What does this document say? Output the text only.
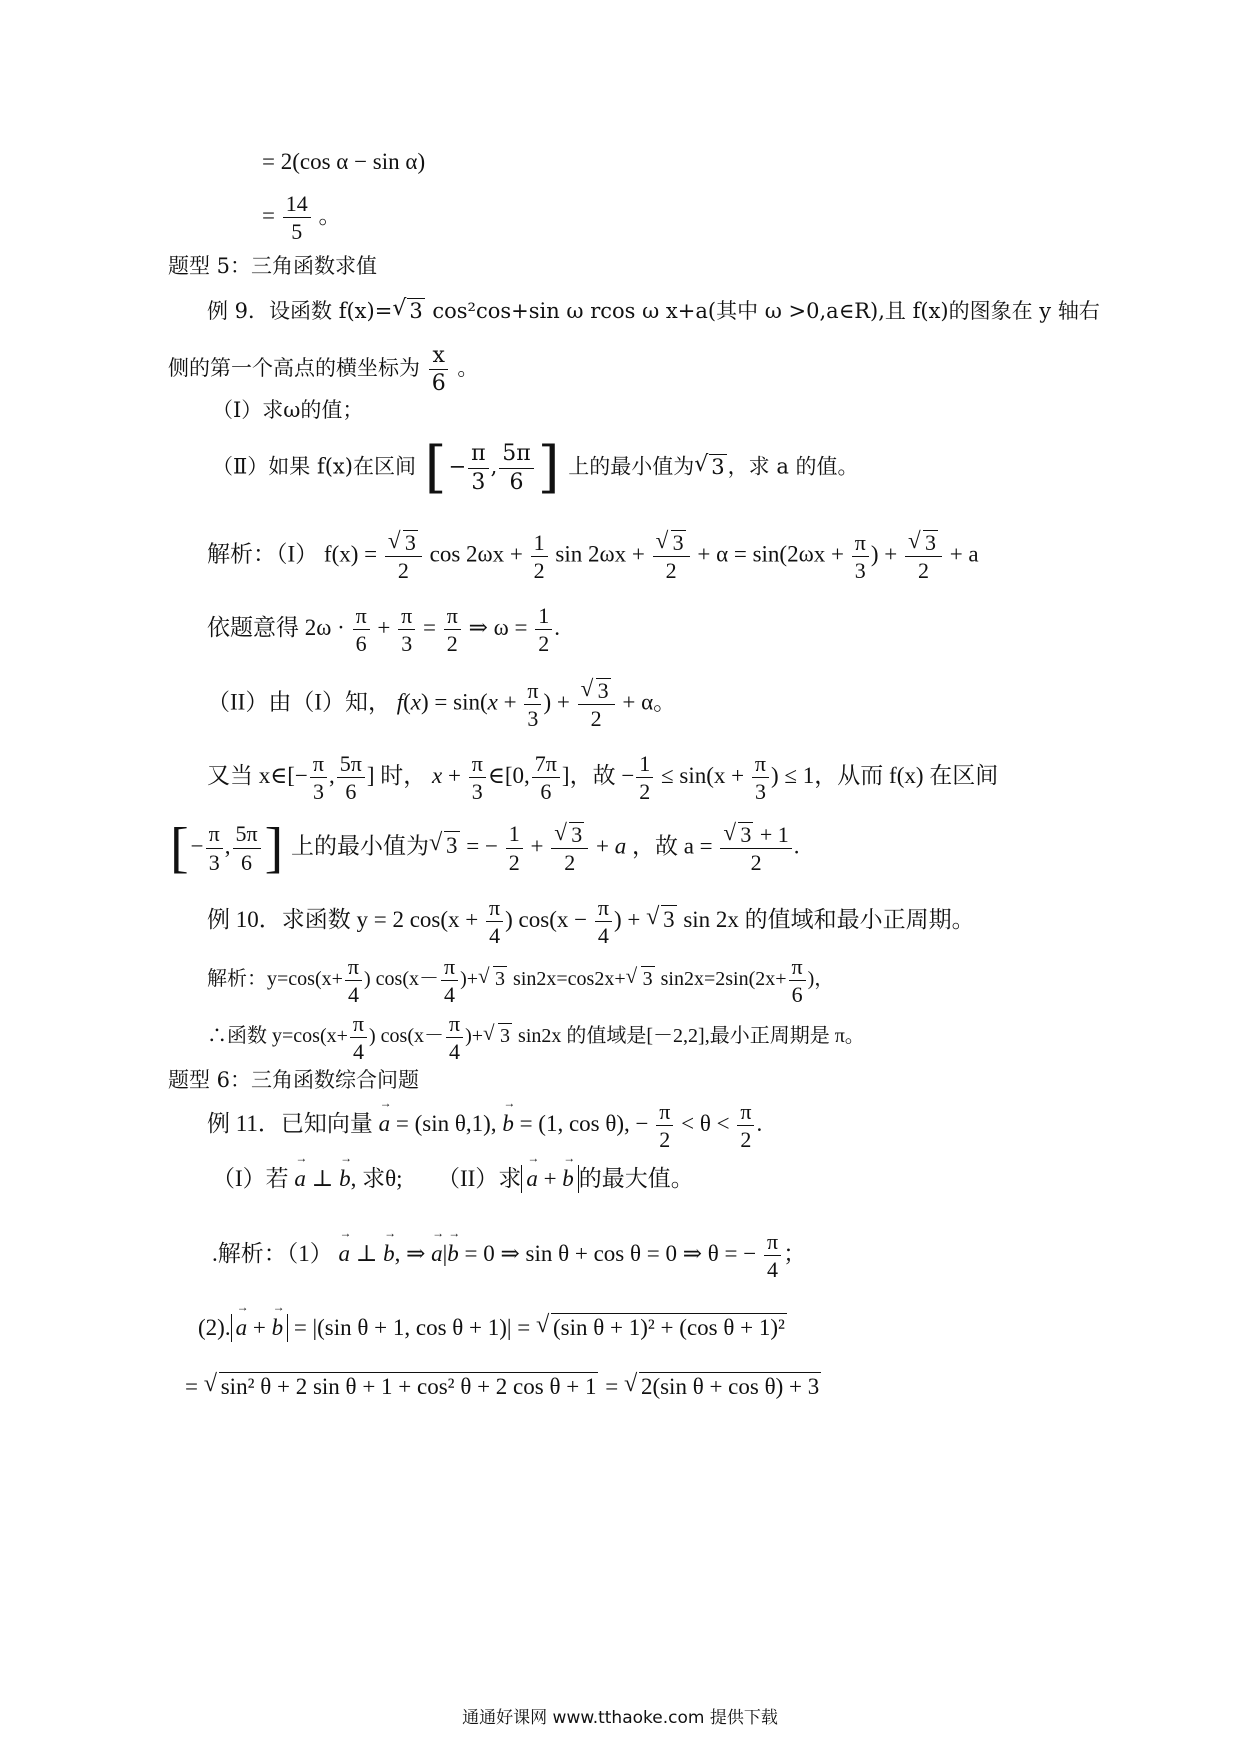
= 2(cos α − sin α)
= $\frac{14}{5}$ 。
题型 5：三角函数求值
例 9．设函数 f(x)= √ 3 cos²cos+sin ω rcos ω x+a(其中 ω >0,a∈R),且 f(x)的图象在 y 轴右
侧的第一个高点的横坐标为 $\frac{x}{6}$ 。
（Ⅰ）求ω的值；
（Ⅱ）如果 f(x)在区间 [− $\frac{\pi}{3}$ , $\frac{5\pi}{6}$ ] 上的最小值为 √ 3 ，求 a 的值。
解析：（I） f(x) = √ $\frac{3}{2}$ $\cos 2\omega x + \frac{1}{2}$ sin 2ωx + √ $\frac{3}{2} + \alpha = \sin(2\omega x + \frac{\pi}{3}$ ) + √ $\frac{3}{2} + a$
依题意得 $2\omega \cdot \frac{\pi}{6} + \frac{\pi}{3} = \frac{\pi}{2}$ ⇒ $\omega = \frac{1}{2}$ .
（II）由（I）知， $f(x) = \sin(x + \frac{\pi}{3}$ ) + √ $\frac{3}{2} + \alpha$。
又当 x∈[− $\frac{\pi}{3}$ , $\frac{5\pi}{6}$ ] 时， $x + \frac{\pi}{3}$ ∈[0, $\frac{7\pi}{6}$ ]，故 − $\frac{1}{2} \le \sin(x + \frac{\pi}{3}$ ) ≤ 1，从而 f(x) 在区间
[− $\frac{\pi}{3}$ , $\frac{5\pi}{6}$ ] 上的最小值为 √ 3 = − $\frac{1}{2}$ + √ $\frac{3}{2} + a$ ，故 a = √ $\frac{3 + 1}{2}$ .
例 10．求函数 y = 2 $\cos(x + \frac{\pi}{4}$ ) $\cos(x - \frac{\pi}{4}$ ) + √ 3 sin 2x 的值域和最小正周期。
解析：$y=\cos(x+ \frac{\pi}{4}$ ) $\cos(x- \frac{\pi}{4}$ )+ √ 3 sin2x=cos2x+ √ 3 $\sin 2x=2\sin(2x+ \frac{\pi}{6}$ )，
∴函数 $y=\cos(x+ \frac{\pi}{4}$ ) $\cos(x- \frac{\pi}{4}$ )+ √ 3 sin2x 的值域是[－2,2],最小正周期是 π。
题型 6：三角函数综合问题
例 11．已知向量 a → = (sin θ,1), b → = (1, cos θ), − $\frac{\pi}{2} < \theta < \frac{\pi}{2}$ .
（I）若 a → ⊥ b →, 求θ; （II）求 a → + b → 的最大值。
.解析：（1） a → ⊥ b →, ⇒ a →|b → = 0 ⇒ sin θ + cos θ = 0 ⇒ θ = − $\frac{\pi}{4}$ ；
(2). a → + b → = |(sin θ + 1, cos θ + 1)| = √ (sin θ + 1)² + (cos θ + 1)²
= √ sin² θ + 2 sin θ + 1 + cos² θ + 2 cos θ + 1 = √ 2(sin θ + cos θ) + 3
通通好课网 www.tthaoke.com 提供下载
